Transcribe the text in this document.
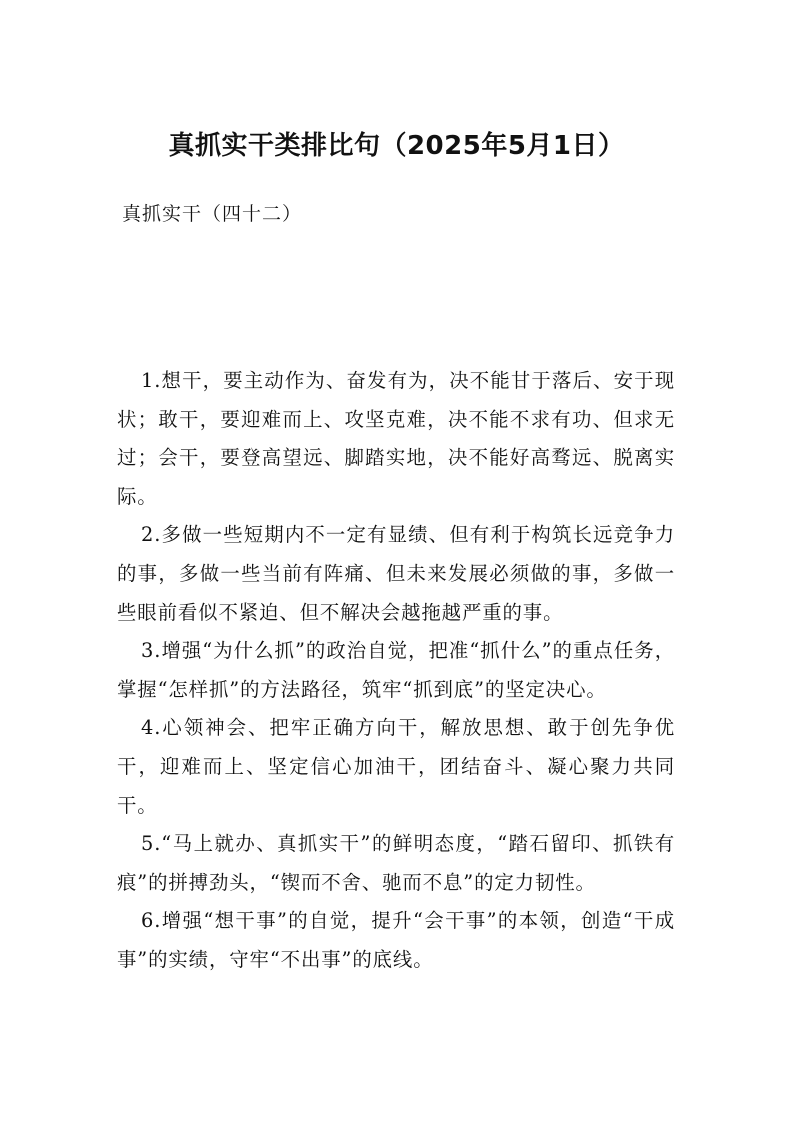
真抓实干类排比句（2025年5月1日）
真抓实干（四十二）

1.想干，要主动作为、奋发有为，决不能甘于落后、安于现状；敢干，要迎难而上、攻坚克难，决不能不求有功、但求无过；会干，要登高望远、脚踏实地，决不能好高骛远、脱离实际。

2.多做一些短期内不一定有显绩、但有利于构筑长远竞争力的事，多做一些当前有阵痛、但未来发展必须做的事，多做一些眼前看似不紧迫、但不解决会越拖越严重的事。

3.增强“为什么抓”的政治自觉，把准“抓什么”的重点任务，掌握“怎样抓”的方法路径，筑牢“抓到底”的坚定决心。

4.心领神会、把牢正确方向干，解放思想、敢于创先争优干，迎难而上、坚定信心加油干，团结奋斗、凝心聚力共同干。

5.“马上就办、真抓实干”的鲜明态度，“踏石留印、抓铁有痕”的拼搏劲头，“锲而不舍、驰而不息”的定力韧性。

6.增强“想干事”的自觉，提升“会干事”的本领，创造“干成事”的实绩，守牢“不出事”的底线。
